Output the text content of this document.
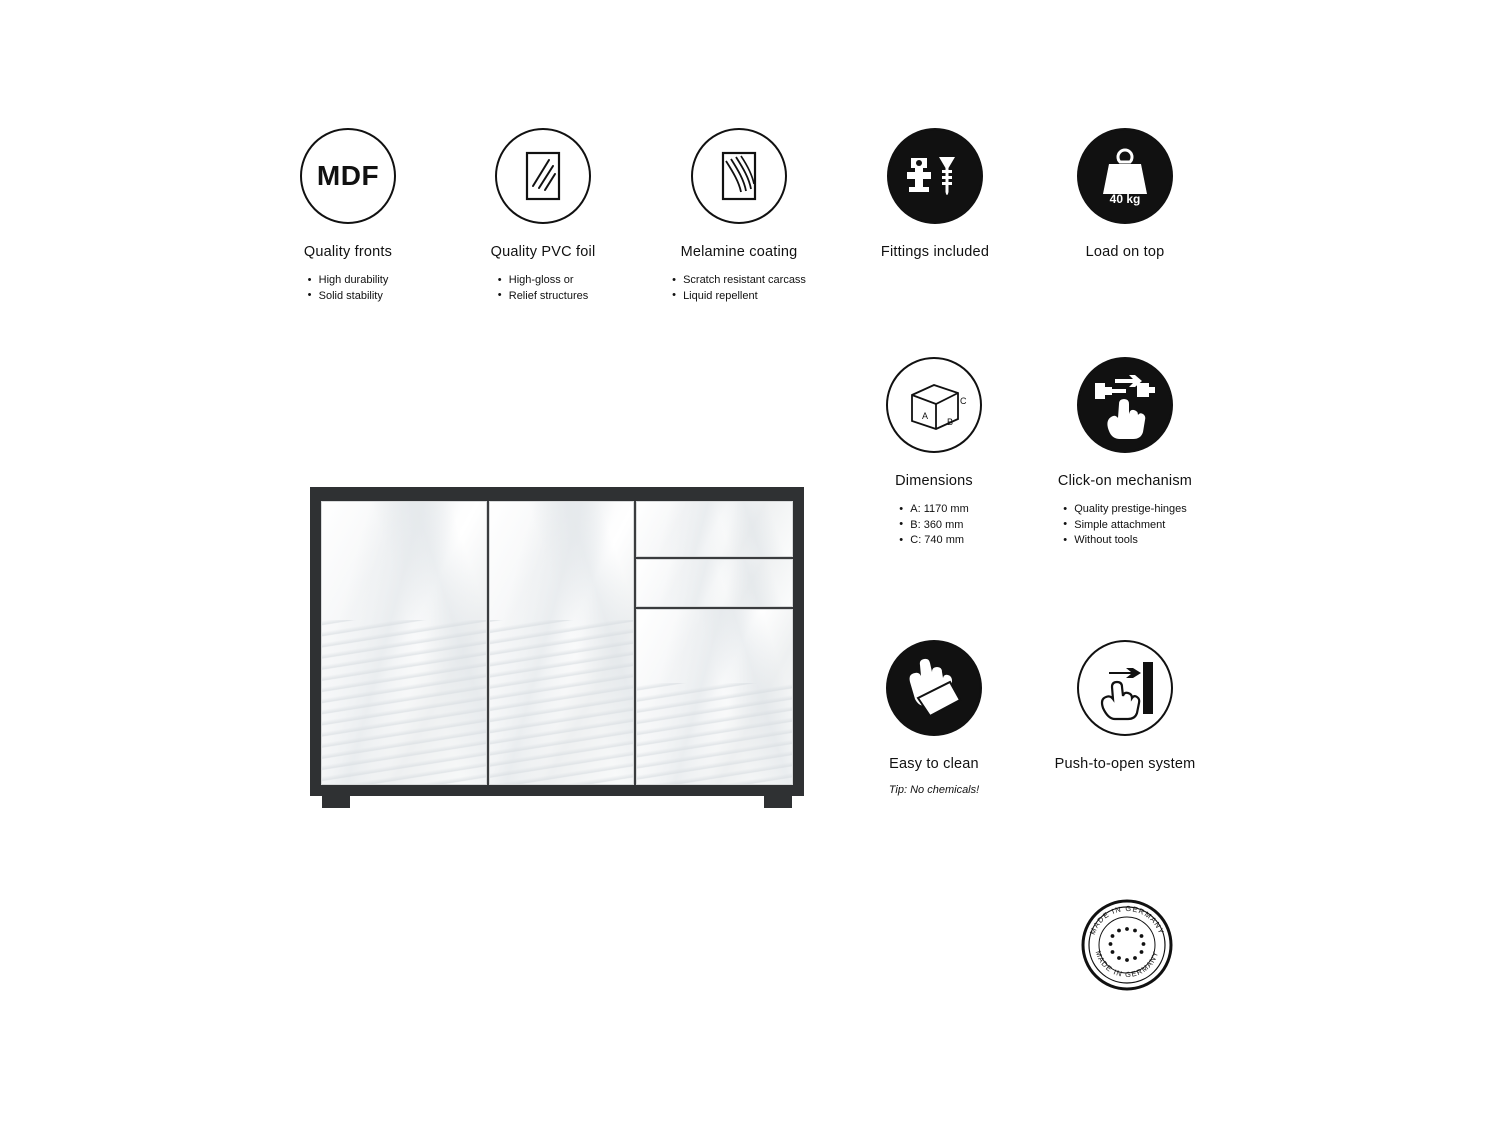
MDF
Quality fronts
• High durability
• Solid stability
Quality PVC foil
• High-gloss or
• Relief structures
Melamine coating
• Scratch resistant carcass
• Liquid repellent
Fittings included
max.
40 kg
Load on top
A
B
C
Dimensions
• A: 1170 mm
• B: 360 mm
• C: 740 mm
Click-on mechanism
• Quality prestige-hinges
• Simple attachment
• Without tools
Easy to clean
Tip: No chemicals!
Push-to-open system
MADE IN GERMANY
MADE IN GERMANY
